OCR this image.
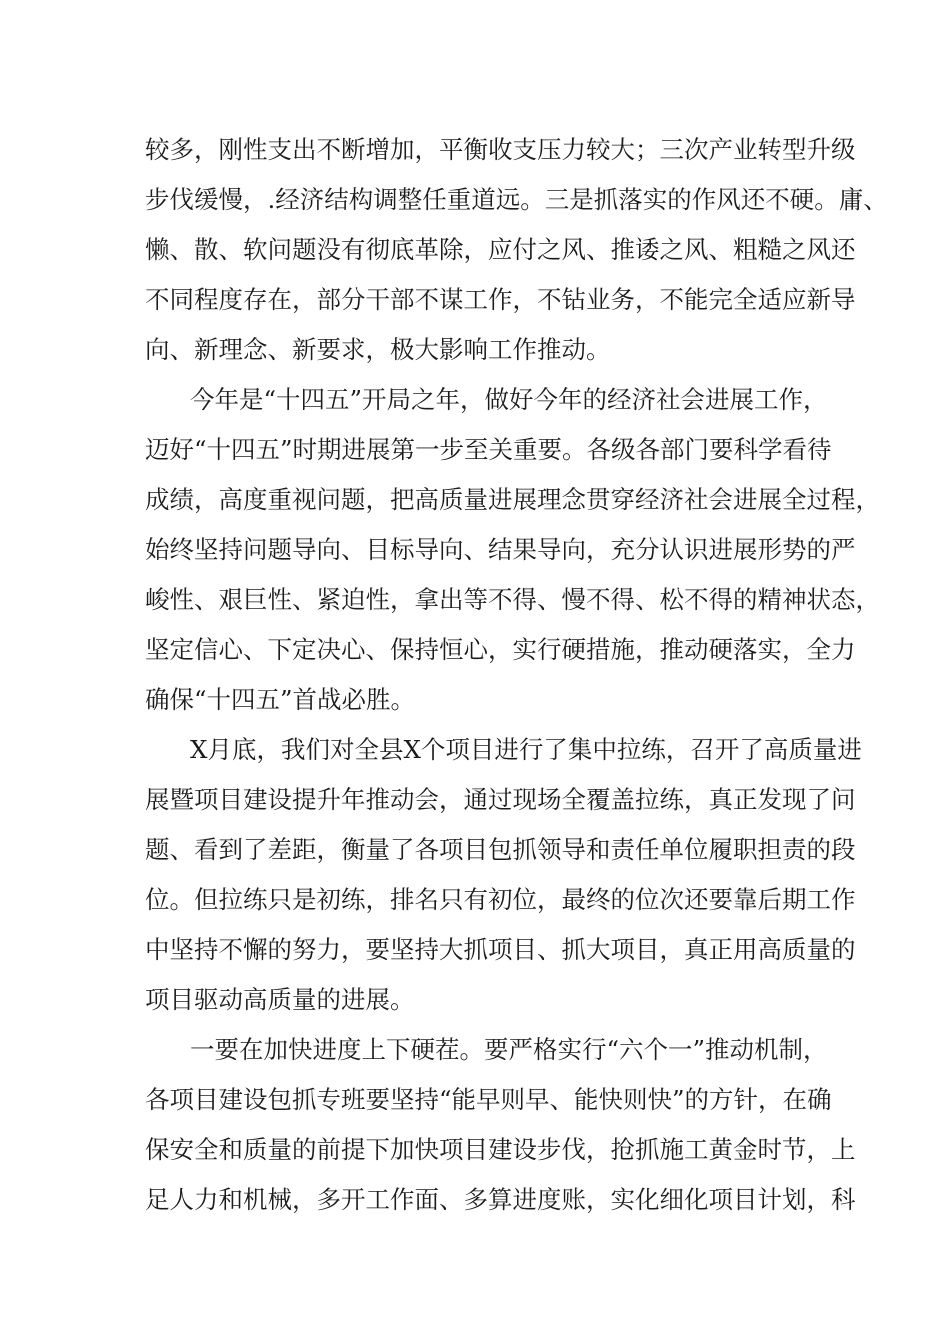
较多，刚性支出不断增加，平衡收支压力较大；三次产业转型升级
步伐缓慢，.经济结构调整任重道远。三是抓落实的作风还不硬。庸、
懒、散、软问题没有彻底革除，应付之风、推诿之风、粗糙之风还
不同程度存在，部分干部不谋工作，不钻业务，不能完全适应新导
向、新理念、新要求，极大影响工作推动。
今年是“十四五”开局之年，做好今年的经济社会进展工作，
迈好“十四五”时期进展第一步至关重要。各级各部门要科学看待
成绩，高度重视问题，把高质量进展理念贯穿经济社会进展全过程，
始终坚持问题导向、目标导向、结果导向，充分认识进展形势的严
峻性、艰巨性、紧迫性，拿出等不得、慢不得、松不得的精神状态，
坚定信心、下定决心、保持恒心，实行硬措施，推动硬落实，全力
确保“十四五”首战必胜。
X月底，我们对全县X个项目进行了集中拉练，召开了高质量进
展暨项目建设提升年推动会，通过现场全覆盖拉练，真正发现了问
题、看到了差距，衡量了各项目包抓领导和责任单位履职担责的段
位。但拉练只是初练，排名只有初位，最终的位次还要靠后期工作
中坚持不懈的努力，要坚持大抓项目、抓大项目，真正用高质量的
项目驱动高质量的进展。
一要在加快进度上下硬茬。要严格实行“六个一”推动机制，
各项目建设包抓专班要坚持“能早则早、能快则快”的方针，在确
保安全和质量的前提下加快项目建设步伐，抢抓施工黄金时节，上
足人力和机械，多开工作面、多算进度账，实化细化项目计划，科
